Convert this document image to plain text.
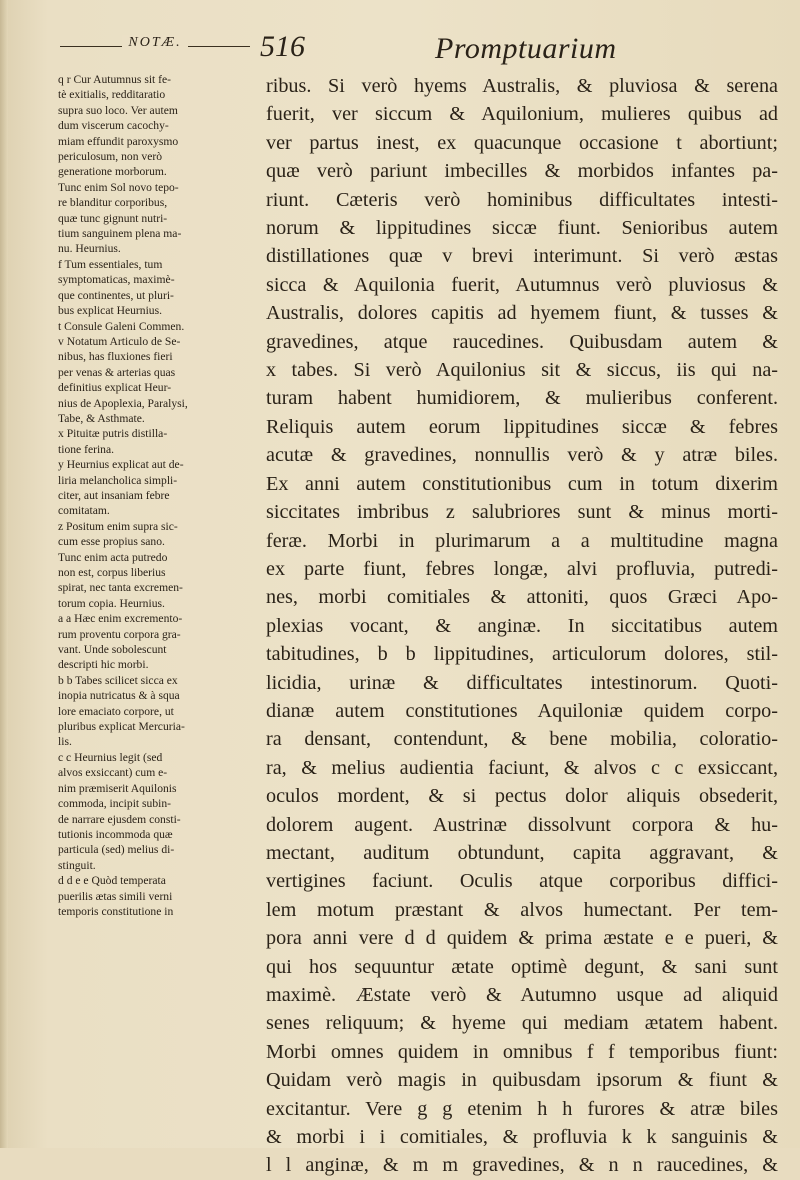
NOTÆ.	516	Promptuarium
q r Cur Autumnus sit fe-
tè exitialis, redditaratio
supra suo loco. Ver autem
dum viscerum cacochy-
miam effundit paroxysmo
periculosum, non verò
generatione morborum.
Tunc enim Sol novo tepo-
re blanditur corporibus,
quæ tunc gignunt nutri-
tium sanguinem plena ma-
nu. Heurnius.
f Tum essentiales, tum
symptomaticas, maximè-
que continentes, ut pluri-
bus explicat Heurnius.
t Consule Galeni Commen.
v Notatum Articulo de Se-
nibus, has fluxiones fieri
per venas & arterias quas
definitius explicat Heur-
nius de Apoplexia, Paralysi,
Tabe, & Asthmate.
x Pituitæ putris distilla-
tione ferina.
y Heurnius explicat aut de-
liria melancholica simpli-
citer, aut insaniam febre
comitatam.
z Positum enim supra sic-
cum esse propius sano.
Tunc enim acta putredo
non est, corpus liberius
spirat, nec tanta excremen-
torum copia. Heurnius.
a a Hæc enim excremento-
rum proventu corpora gra-
vant. Unde sobolescunt
descripti hic morbi.
b b Tabes scilicet sicca ex
inopia nutricatus & à squa
lore emaciato corpore, ut
pluribus explicat Mercuria-
lis.
c c Heurnius legit (sed
alvos exsiccant) cum e-
nim præmiserit Aquilonis
commoda, incipit subin-
de narrare ejusdem consti-
tutionis incommoda quæ
particula (sed) melius di-
stinguit.
d d e e Quòd temperata
puerilis ætas simili verni
temporis constitutione in
ribus. Si verò hyems Australis, & pluviosa & serena
fuerit, ver siccum & Aquilonium, mulieres quibus ad
ver partus inest, ex quacunque occasione t abortiunt;
quæ verò pariunt imbecilles & morbidos infantes pa-
riunt. Cæteris verò hominibus difficultates intesti-
norum & lippitudines siccæ fiunt. Senioribus autem
distillationes quæ v brevi interimunt. Si verò æstas
sicca & Aquilonia fuerit, Autumnus verò pluviosus &
Australis, dolores capitis ad hyemem fiunt, & tusses &
gravedines, atque raucedines. Quibusdam autem &
x tabes. Si verò Aquilonius sit & siccus, iis qui na-
turam habent humidiorem, & mulieribus conferent.
Reliquis autem eorum lippitudines siccæ & febres
acutæ & gravedines, nonnullis verò & y atræ biles.
Ex anni autem constitutionibus cum in totum dixerim
siccitates imbribus z salubriores sunt & minus morti-
feræ. Morbi in plurimarum a a multitudine magna
ex parte fiunt, febres longæ, alvi profluvia, putredi-
nes, morbi comitiales & attoniti, quos Græci Apo-
plexias vocant, & anginæ. In siccitatibus autem
tabitudines, b b lippitudines, articulorum dolores, stil-
licidia, urinæ & difficultates intestinorum. Quoti-
dianæ autem constitutiones Aquiloniæ quidem corpo-
ra densant, contendunt, & bene mobilia, coloratio-
ra, & melius audientia faciunt, & alvos c c exsiccant,
oculos mordent, & si pectus dolor aliquis obsederit,
dolorem augent. Austrinæ dissolvunt corpora & hu-
mectant, auditum obtundunt, capita aggravant, &
vertigines faciunt. Oculis atque corporibus diffici-
lem motum præstant & alvos humectant. Per tem-
pora anni vere d d quidem & prima æstate e e pueri, &
qui hos sequuntur ætate optimè degunt, & sani sunt
maximè. Æstate verò & Autumno usque ad aliquid
senes reliquum; & hyeme qui mediam ætatem habent.
Morbi omnes quidem in omnibus f f temporibus fiunt:
Quidam verò magis in quibusdam ipsorum & fiunt &
excitantur. Vere g g etenim h h furores & atræ biles
& morbi i i comitiales, & profluvia k k sanguinis &
l l anginæ, & m m gravedines, & n n raucedines, &
